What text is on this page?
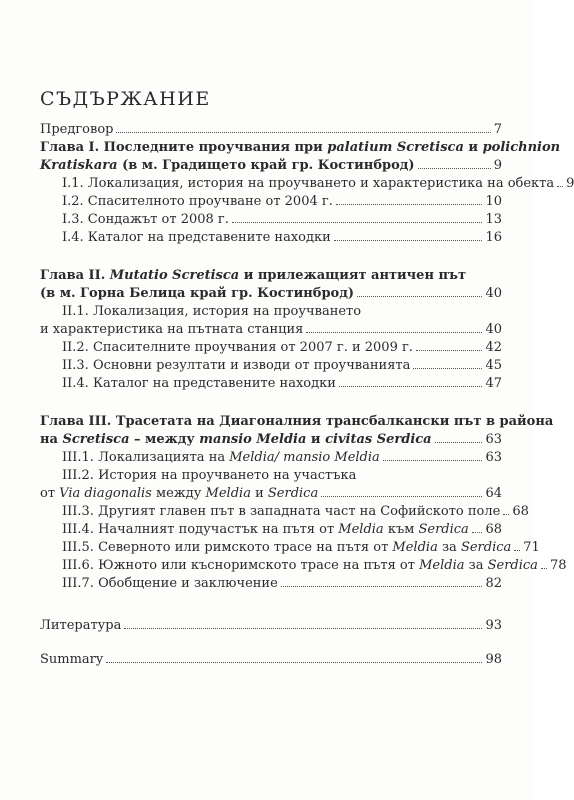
СЪДЪРЖАНИЕ
Предговор	7
Глава I. Последните проучвания при palatium Scretisca и polichnion
Kratiskara (в м. Градището край гр. Костинброд)	9
I.1. Локализация, история на проучването и характеристика на обекта 9
I.2. Спасителното проучване от 2004 г.	10
I.3. Сондажът от 2008 г.	13
I.4. Каталог на представените находки	16
Глава II. Mutatio Scretisca и прилежащият античен път
(в м. Горна Белица край гр. Костинброд)	40
II.1. Локализация, история на проучването
и характеристика на пътната станция	40
II.2. Спасителните проучвания от 2007 г. и 2009 г.	42
II.3. Основни резултати и изводи от проучванията	45
II.4. Каталог на представените находки	47
Глава III. Трасетата на Диагоналния трансбалкански път в района
на Scretisca – между mansio Meldia и civitas Serdica	63
III.1. Локализацията на Meldia/ mansio Meldia	63
III.2. История на проучването на участъка
от Via diagonalis между Meldia и Serdica	64
III.3. Другият главен път в западната част на Софийското поле 68
III.4. Началният подучастък на пътя от Meldia към Serdica 68
III.5. Северното или римското трасе на пътя от Meldia за Serdica 71
III.6. Южното или късноримското трасе на пътя от Meldia за Serdica 78
III.7. Обобщение и заключение	82
Литература	93
Summary	98
